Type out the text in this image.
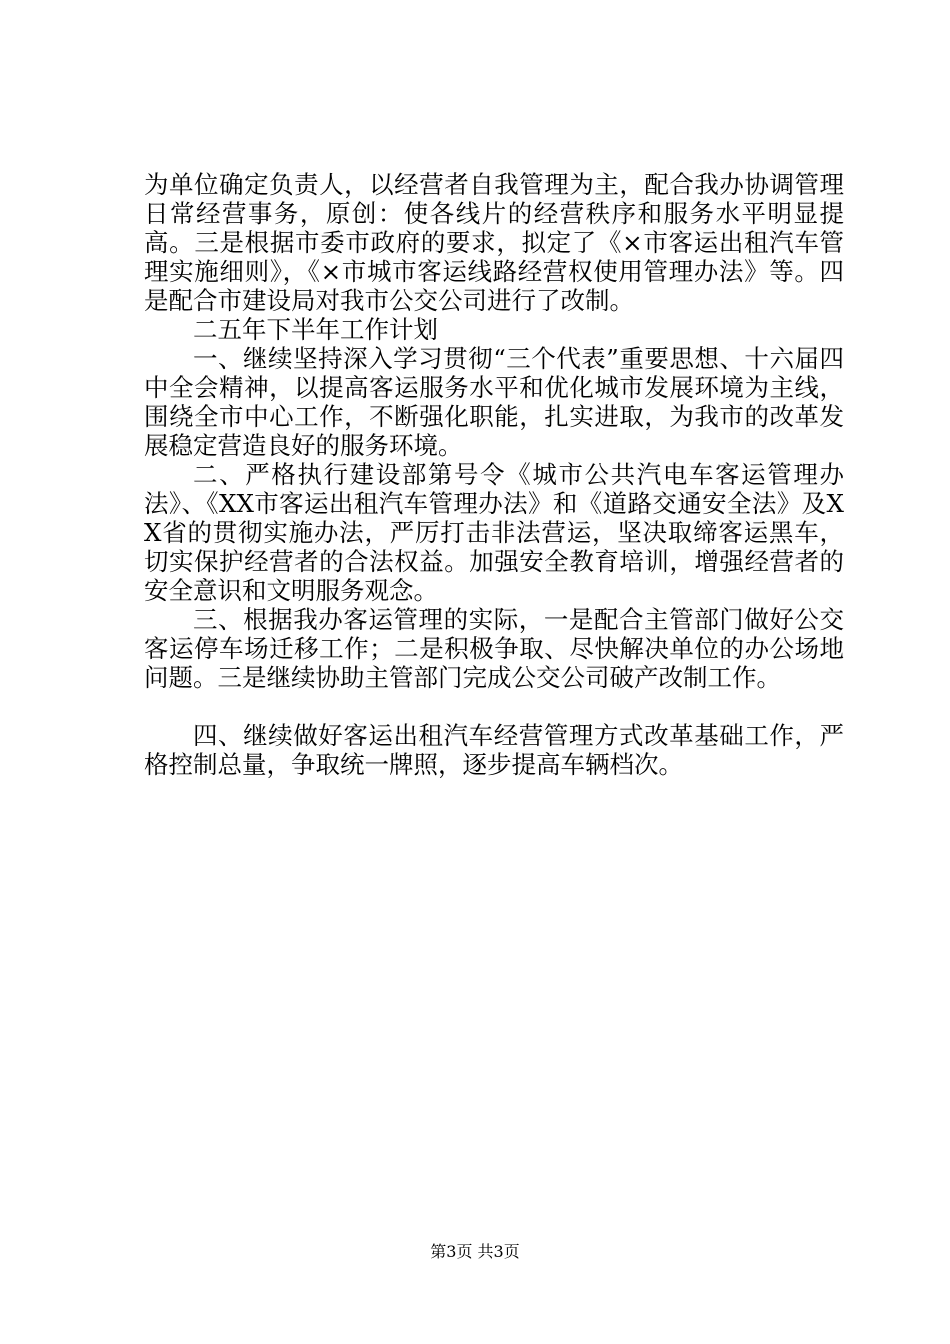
为单位确定负责人，以经营者自我管理为主，配合我办协调管理日常经营事务，原创：使各线片的经营秩序和服务水平明显提高。三是根据市委市政府的要求，拟定了《×市客运出租汽车管理实施细则》，《×市城市客运线路经营权使用管理办法》等。四是配合市建设局对我市公交公司进行了改制。

二五年下半年工作计划

一、继续坚持深入学习贯彻“三个代表”重要思想、十六届四中全会精神，以提高客运服务水平和优化城市发展环境为主线，围绕全市中心工作，不断强化职能，扎实进取，为我市的改革发展稳定营造良好的服务环境。

二、严格执行建设部第号令《城市公共汽电车客运管理办法》、《XX市客运出租汽车管理办法》和《道路交通安全法》及XX省的贯彻实施办法，严厉打击非法营运，坚决取缔客运黑车，切实保护经营者的合法权益。加强安全教育培训，增强经营者的安全意识和文明服务观念。

三、根据我办客运管理的实际，一是配合主管部门做好公交客运停车场迁移工作；二是积极争取、尽快解决单位的办公场地问题。三是继续协助主管部门完成公交公司破产改制工作。

四、继续做好客运出租汽车经营管理方式改革基础工作，严格控制总量，争取统一牌照，逐步提高车辆档次。

第3页 共3页
